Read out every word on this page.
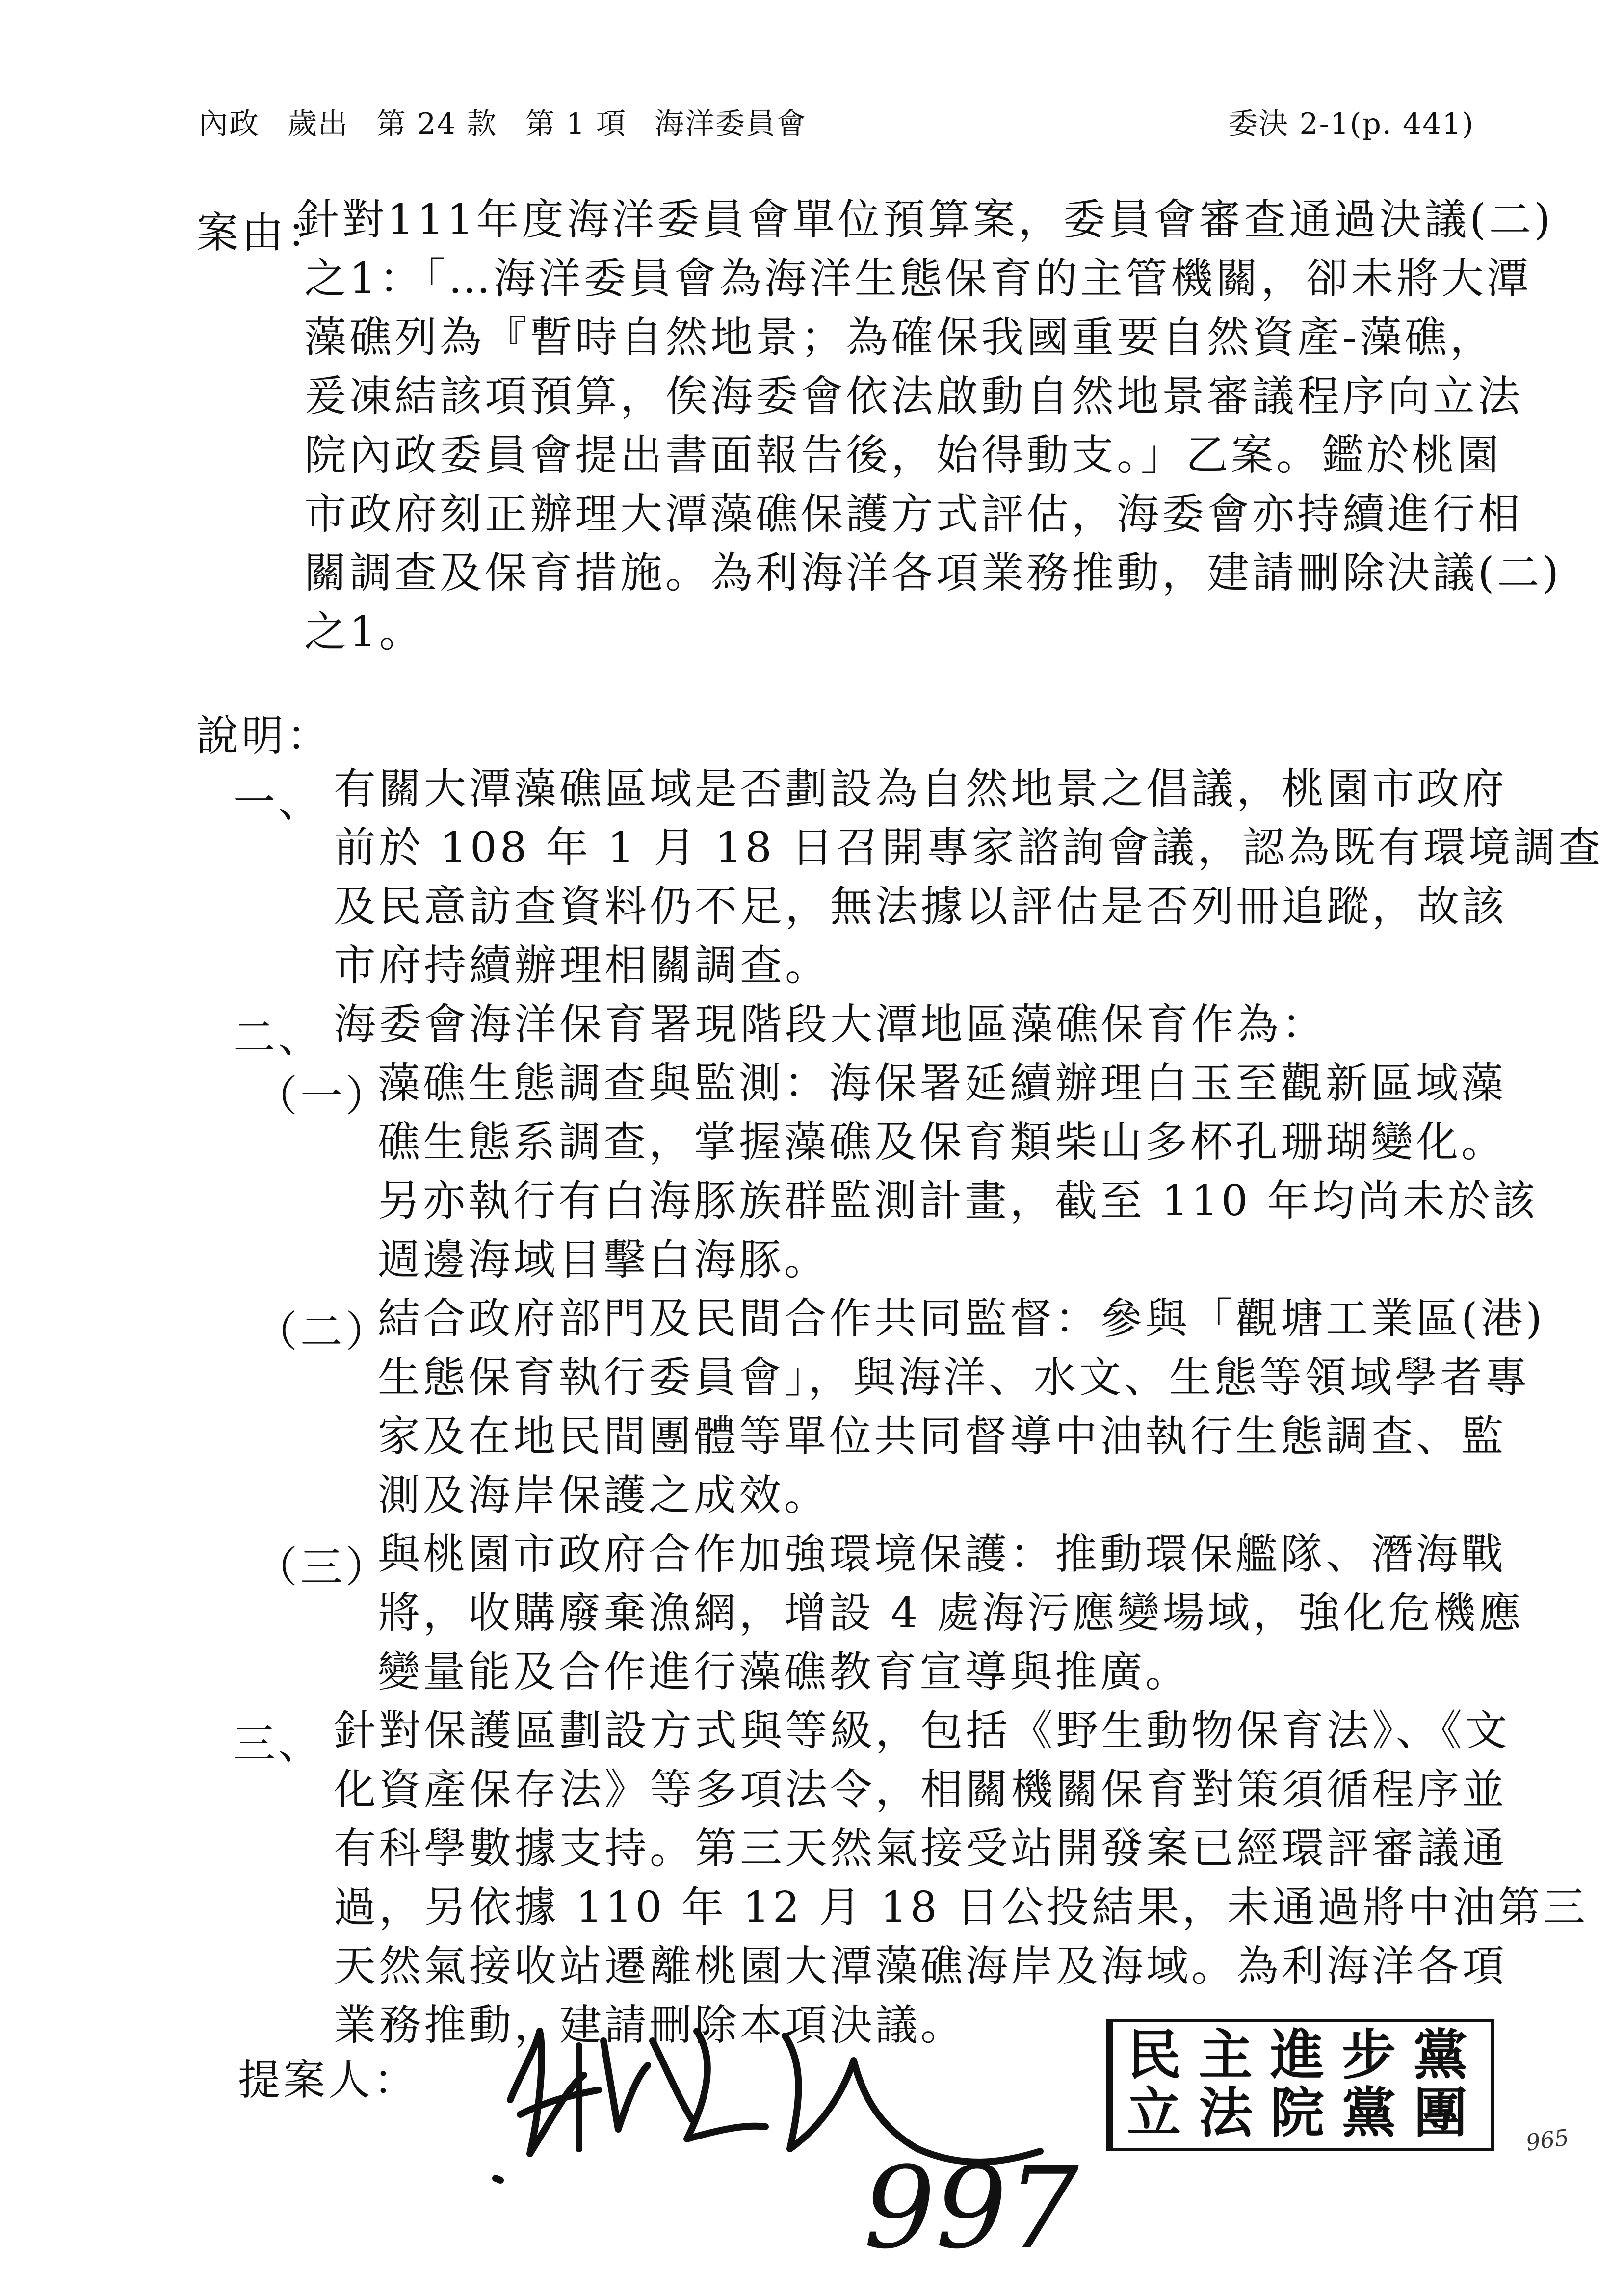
內政 歲出 第 24 款 第 1 項 海洋委員會	委決 2-1(p. 441)
案由：
針對111年度海洋委員會單位預算案，委員會審查通過決議(二)
之1：「…海洋委員會為海洋生態保育的主管機關，卻未將大潭
藻礁列為『暫時自然地景；為確保我國重要自然資產-藻礁，
爰凍結該項預算，俟海委會依法啟動自然地景審議程序向立法
院內政委員會提出書面報告後，始得動支。」乙案。鑑於桃園
市政府刻正辦理大潭藻礁保護方式評估，海委會亦持續進行相
關調查及保育措施。為利海洋各項業務推動，建請刪除決議(二)
之1。
說明：
一、 有關大潭藻礁區域是否劃設為自然地景之倡議，桃園市政府
前於 108 年 1 月 18 日召開專家諮詢會議，認為既有環境調查
及民意訪查資料仍不足，無法據以評估是否列冊追蹤，故該
市府持續辦理相關調查。
二、 海委會海洋保育署現階段大潭地區藻礁保育作為：
（一）
藻礁生態調查與監測：海保署延續辦理白玉至觀新區域藻
礁生態系調查，掌握藻礁及保育類柴山多杯孔珊瑚變化。
另亦執行有白海豚族群監測計畫，截至 110 年均尚未於該
週邊海域目擊白海豚。
（二）
結合政府部門及民間合作共同監督：參與「觀塘工業區(港)
生態保育執行委員會」，與海洋、水文、生態等領域學者專
家及在地民間團體等單位共同督導中油執行生態調查、監
測及海岸保護之成效。
（三）
與桃園市政府合作加強環境保護：推動環保艦隊、潛海戰
將，收購廢棄漁網，增設 4 處海污應變場域，強化危機應
變量能及合作進行藻礁教育宣導與推廣。
三、 針對保護區劃設方式與等級，包括《野生動物保育法》、《文
化資產保存法》等多項法令，相關機關保育對策須循程序並
有科學數據支持。第三天然氣接受站開發案已經環評審議通
過，另依據 110 年 12 月 18 日公投結果，未通過將中油第三
天然氣接收站遷離桃園大潭藻礁海岸及海域。為利海洋各項
業務推動，建請刪除本項決議。
提案人：
997
民主進步黨
立法院黨團 965
